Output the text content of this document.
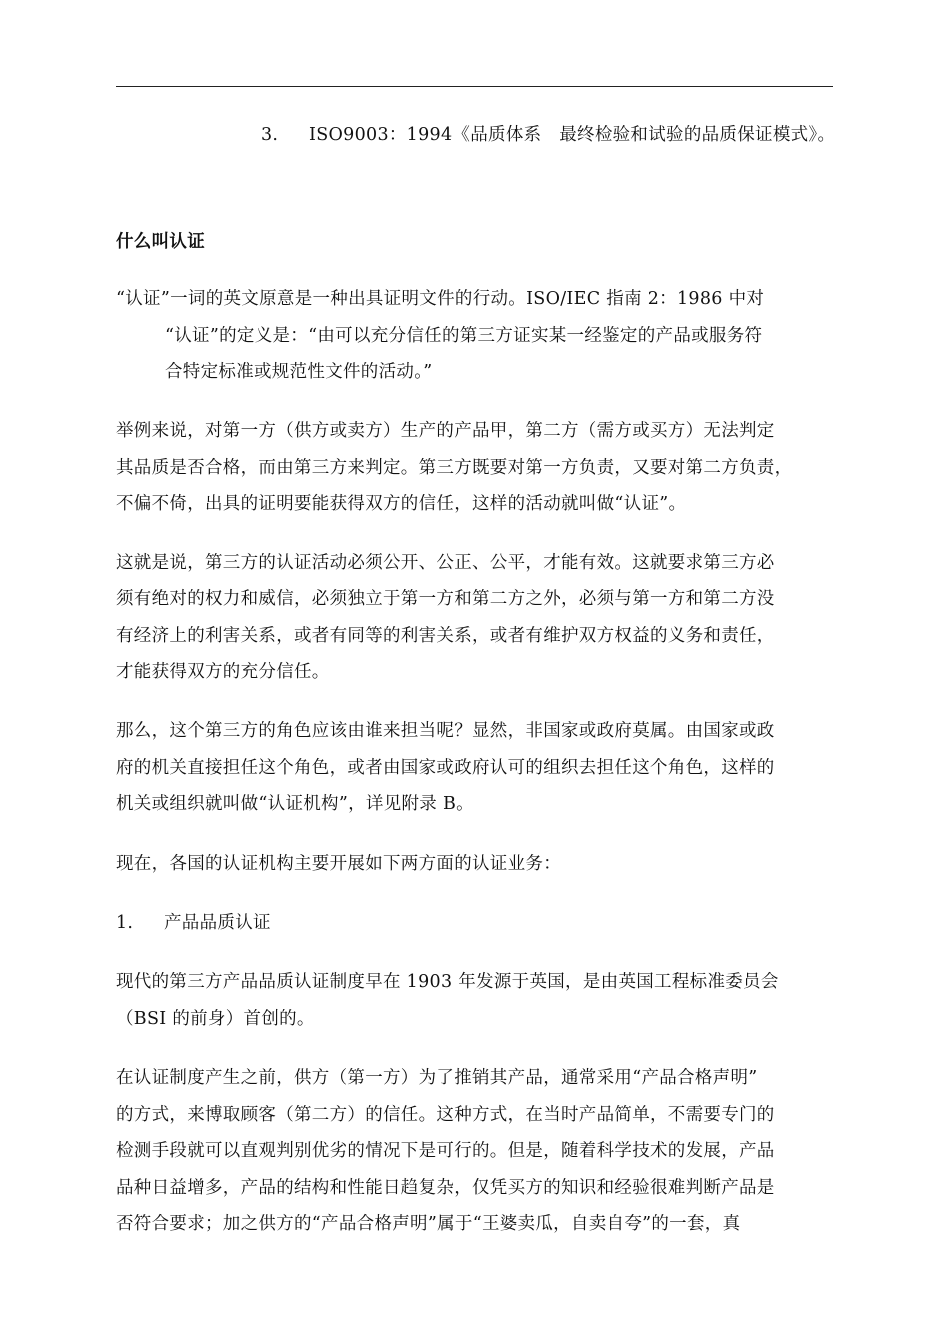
3. ISO9003：1994《品质体系　最终检验和试验的品质保证模式》。
什么叫认证
“认证”一词的英文原意是一种出具证明文件的行动。ISO/IEC 指南 2：1986 中对
“认证”的定义是：“由可以充分信任的第三方证实某一经鉴定的产品或服务符
合特定标准或规范性文件的活动。”
举例来说，对第一方（供方或卖方）生产的产品甲，第二方（需方或买方）无法判定
其品质是否合格，而由第三方来判定。第三方既要对第一方负责，又要对第二方负责，
不偏不倚，出具的证明要能获得双方的信任，这样的活动就叫做“认证”。
这就是说，第三方的认证活动必须公开、公正、公平，才能有效。这就要求第三方必
须有绝对的权力和威信，必须独立于第一方和第二方之外，必须与第一方和第二方没
有经济上的利害关系，或者有同等的利害关系，或者有维护双方权益的义务和责任，
才能获得双方的充分信任。
那么，这个第三方的角色应该由谁来担当呢？显然，非国家或政府莫属。由国家或政
府的机关直接担任这个角色，或者由国家或政府认可的组织去担任这个角色，这样的
机关或组织就叫做“认证机构”，详见附录 B。
现在，各国的认证机构主要开展如下两方面的认证业务：
1. 产品品质认证
现代的第三方产品品质认证制度早在 1903 年发源于英国，是由英国工程标准委员会
（BSI 的前身）首创的。
在认证制度产生之前，供方（第一方）为了推销其产品，通常采用“产品合格声明”
的方式，来博取顾客（第二方）的信任。这种方式，在当时产品简单，不需要专门的
检测手段就可以直观判别优劣的情况下是可行的。但是，随着科学技术的发展，产品
品种日益增多，产品的结构和性能日趋复杂，仅凭买方的知识和经验很难判断产品是
否符合要求；加之供方的“产品合格声明”属于“王婆卖瓜，自卖自夸”的一套，真
